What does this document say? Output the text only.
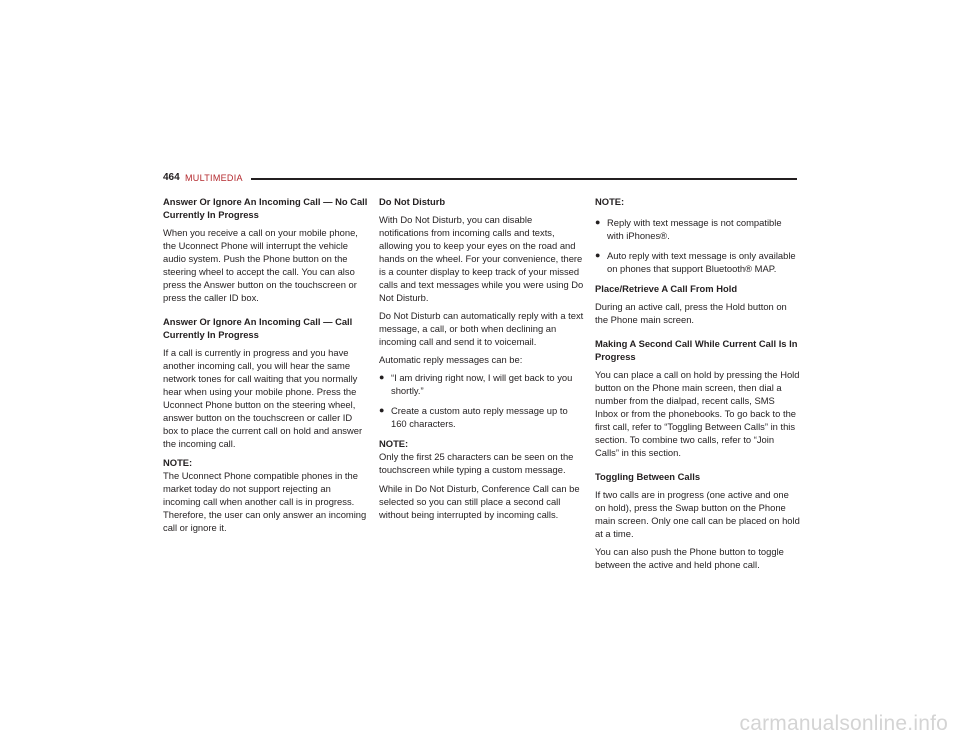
464 MULTIMEDIA
Answer Or Ignore An Incoming Call — No Call Currently In Progress
When you receive a call on your mobile phone, the Uconnect Phone will interrupt the vehicle audio system. Push the Phone button on the steering wheel to accept the call. You can also press the Answer button on the touchscreen or press the caller ID box.
Answer Or Ignore An Incoming Call — Call Currently In Progress
If a call is currently in progress and you have another incoming call, you will hear the same network tones for call waiting that you normally hear when using your mobile phone. Press the Uconnect Phone button on the steering wheel, answer button on the touchscreen or caller ID box to place the current call on hold and answer the incoming call.
NOTE:
The Uconnect Phone compatible phones in the market today do not support rejecting an incoming call when another call is in progress. Therefore, the user can only answer an incoming call or ignore it.
Do Not Disturb
With Do Not Disturb, you can disable notifications from incoming calls and texts, allowing you to keep your eyes on the road and hands on the wheel. For your convenience, there is a counter display to keep track of your missed calls and text messages while you were using Do Not Disturb.
Do Not Disturb can automatically reply with a text message, a call, or both when declining an incoming call and send it to voicemail.
Automatic reply messages can be:
● “I am driving right now, I will get back to you shortly.”
● Create a custom auto reply message up to 160 characters.
NOTE:
Only the first 25 characters can be seen on the touchscreen while typing a custom message.
While in Do Not Disturb, Conference Call can be selected so you can still place a second call without being interrupted by incoming calls.
NOTE:
● Reply with text message is not compatible with iPhones®.
● Auto reply with text message is only available on phones that support Bluetooth® MAP.
Place/Retrieve A Call From Hold
During an active call, press the Hold button on the Phone main screen.
Making A Second Call While Current Call Is In Progress
You can place a call on hold by pressing the Hold button on the Phone main screen, then dial a number from the dialpad, recent calls, SMS Inbox or from the phonebooks. To go back to the first call, refer to “Toggling Between Calls” in this section. To combine two calls, refer to “Join Calls” in this section.
Toggling Between Calls
If two calls are in progress (one active and one on hold), press the Swap button on the Phone main screen. Only one call can be placed on hold at a time.
You can also push the Phone button to toggle between the active and held phone call.
carmanualsonline.info
